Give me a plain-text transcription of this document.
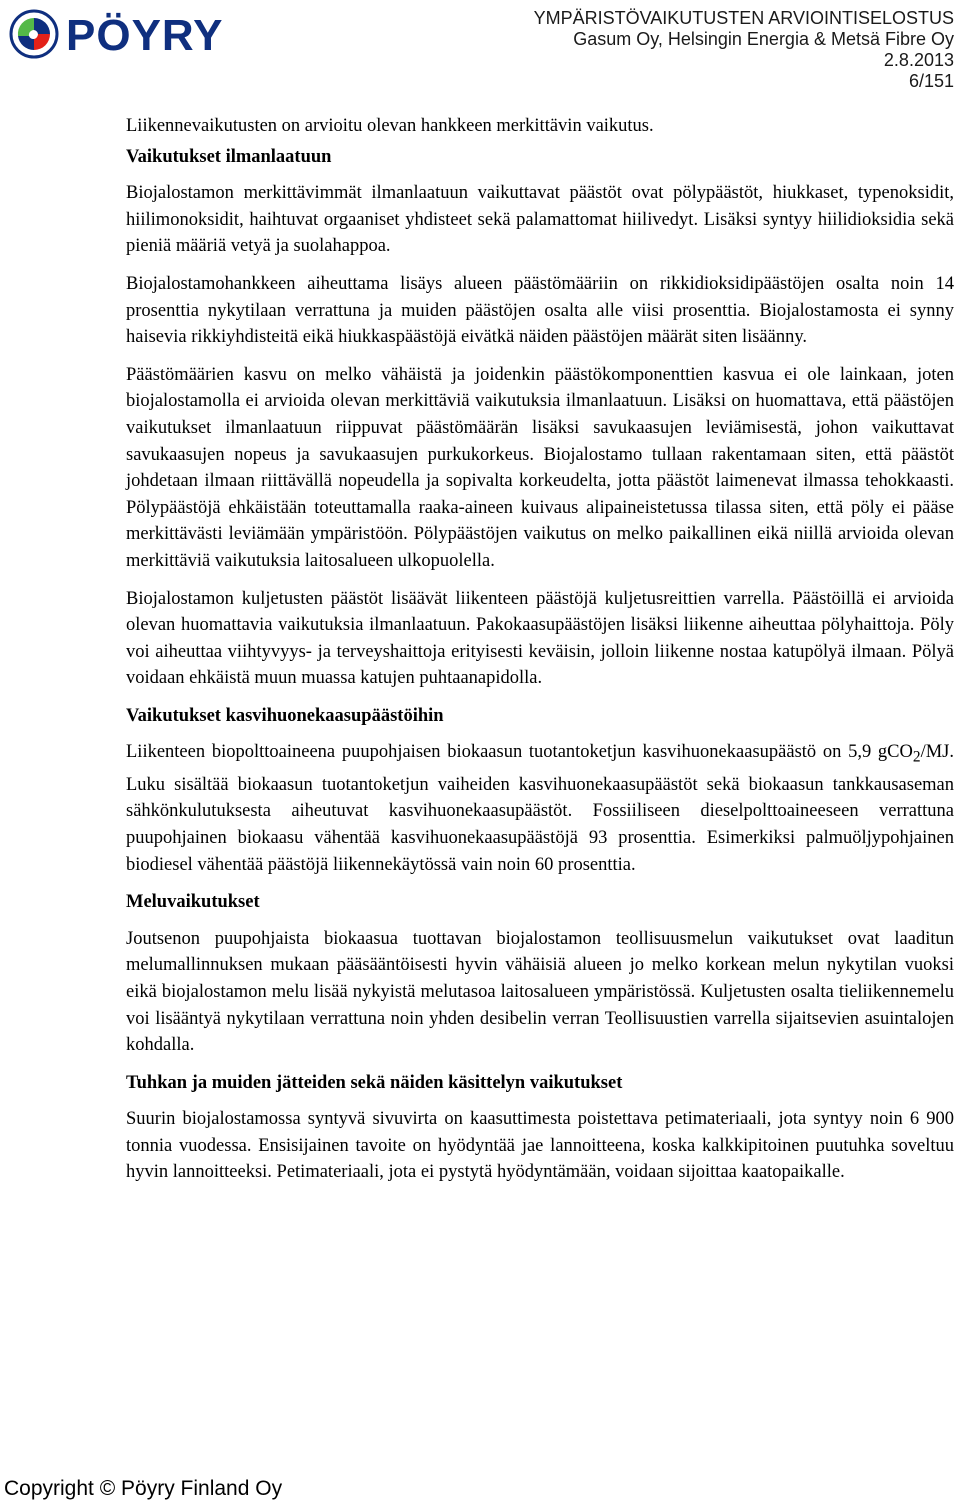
PÖYRY	YMPÄRISTÖVAIKUTUSTEN ARVIOINTISELOSTUS
Gasum Oy, Helsingin Energia & Metsä Fibre Oy
2.8.2013
6/151

Liikennevaikutusten on arvioitu olevan hankkeen merkittävin vaikutus.

Vaikutukset ilmanlaatuun

Biojalostamon merkittävimmät ilmanlaatuun vaikuttavat päästöt ovat pölypäästöt, hiukkaset, typenoksidit, hiilimonoksidit, haihtuvat orgaaniset yhdisteet sekä palamattomat hiilivedyt. Lisäksi syntyy hiilidioksidia sekä pieniä määriä vetyä ja suolahappoa.

Biojalostamohankkeen aiheuttama lisäys alueen päästömääriin on rikkidioksidipäästöjen osalta noin 14 prosenttia nykytilaan verrattuna ja muiden päästöjen osalta alle viisi prosenttia. Biojalostamosta ei synny haisevia rikkiyhdisteitä eikä hiukkaspäästöjä eivätkä näiden päästöjen määrät siten lisäänny.

Päästömäärien kasvu on melko vähäistä ja joidenkin päästökomponenttien kasvua ei ole lainkaan, joten biojalostamolla ei arvioida olevan merkittäviä vaikutuksia ilmanlaatuun. Lisäksi on huomattava, että päästöjen vaikutukset ilmanlaatuun riippuvat päästömäärän lisäksi savukaasujen leviämisestä, johon vaikuttavat savukaasujen nopeus ja savukaasujen purkukorkeus. Biojalostamo tullaan rakentamaan siten, että päästöt johdetaan ilmaan riittävällä nopeudella ja sopivalta korkeudelta, jotta päästöt laimenevat ilmassa tehokkaasti. Pölypäästöjä ehkäistään toteuttamalla raaka-aineen kuivaus alipaineistetussa tilassa siten, että pöly ei pääse merkittävästi leviämään ympäristöön. Pölypäästöjen vaikutus on melko paikallinen eikä niillä arvioida olevan merkittäviä vaikutuksia laitosalueen ulkopuolella.

Biojalostamon kuljetusten päästöt lisäävät liikenteen päästöjä kuljetusreittien varrella. Päästöillä ei arvioida olevan huomattavia vaikutuksia ilmanlaatuun. Pakokaasupäästöjen lisäksi liikenne aiheuttaa pölyhaittoja. Pöly voi aiheuttaa viihtyvyys- ja terveyshaittoja erityisesti keväisin, jolloin liikenne nostaa katupölyä ilmaan. Pölyä voidaan ehkäistä muun muassa katujen puhtaanapidolla.

Vaikutukset kasvihuonekaasupäästöihin

Liikenteen biopolttoaineena puupohjaisen biokaasun tuotantoketjun kasvihuonekaasupäästö on 5,9 gCO$_2$/MJ. Luku sisältää biokaasun tuotantoketjun vaiheiden kasvihuonekaasupäästöt sekä biokaasun tankkausaseman sähkönkulutuksesta aiheutuvat kasvihuonekaasupäästöt. Fossiiliseen dieselpolttoaineeseen verrattuna puupohjainen biokaasu vähentää kasvihuonekaasupäästöjä 93 prosenttia. Esimerkiksi palmuöljypohjainen biodiesel vähentää päästöjä liikennekäytössä vain noin 60 prosenttia.

Meluvaikutukset

Joutsenon puupohjaista biokaasua tuottavan biojalostamon teollisuusmelun vaikutukset ovat laaditun melumallinnuksen mukaan pääsääntöisesti hyvin vähäisiä alueen jo melko korkean melun nykytilan vuoksi eikä biojalostamon melu lisää nykyistä melutasoa laitosalueen ympäristössä. Kuljetusten osalta tieliikennemelu voi lisääntyä nykytilaan verrattuna noin yhden desibelin verran Teollisuustien varrella sijaitsevien asuintalojen kohdalla.

Tuhkan ja muiden jätteiden sekä näiden käsittelyn vaikutukset

Suurin biojalostamossa syntyvä sivuvirta on kaasuttimesta poistettava petimateriaali, jota syntyy noin 6 900 tonnia vuodessa. Ensisijainen tavoite on hyödyntää jae lannoitteena, koska kalkkipitoinen puutuhka soveltuu hyvin lannoitteeksi. Petimateriaali, jota ei pystytä hyödyntämään, voidaan sijoittaa kaatopaikalle.

Copyright © Pöyry Finland Oy
